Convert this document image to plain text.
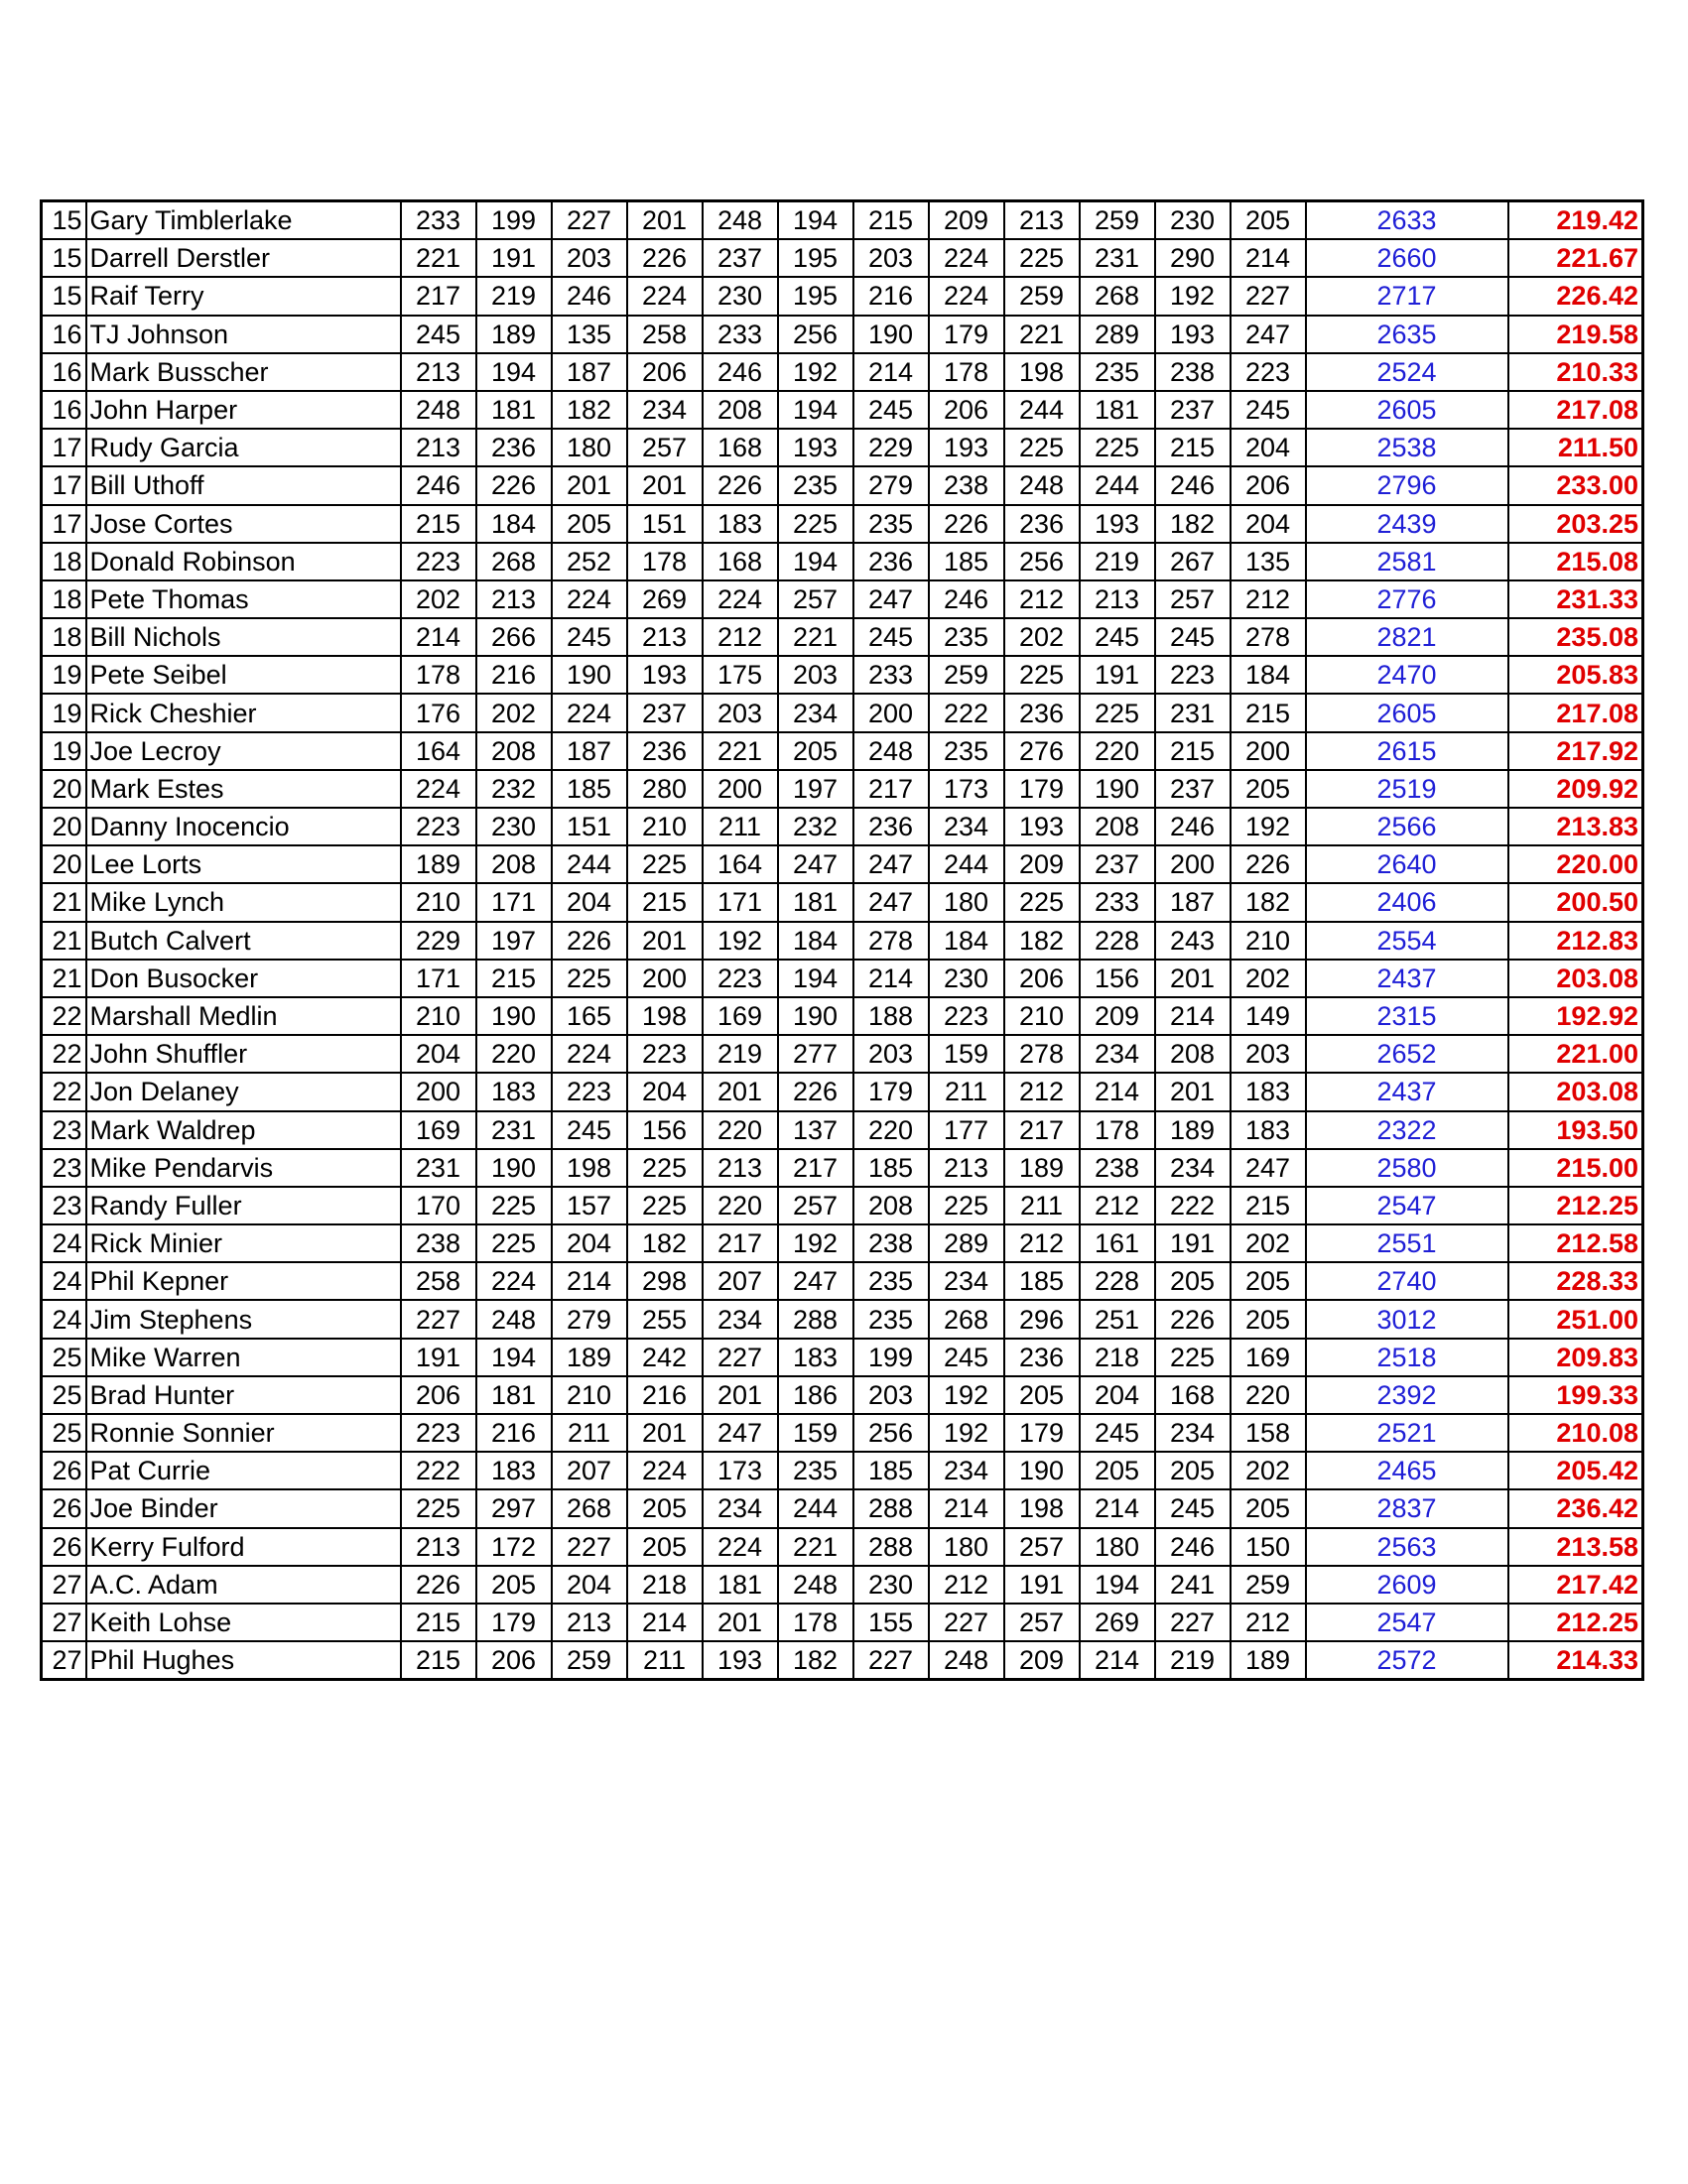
15	Gary Timblerlake	233	199	227	201	248	194	215	209	213	259	230	205	2633	219.42
15	Darrell Derstler	221	191	203	226	237	195	203	224	225	231	290	214	2660	221.67
15	Raif Terry	217	219	246	224	230	195	216	224	259	268	192	227	2717	226.42
16	TJ Johnson	245	189	135	258	233	256	190	179	221	289	193	247	2635	219.58
16	Mark Busscher	213	194	187	206	246	192	214	178	198	235	238	223	2524	210.33
16	John Harper	248	181	182	234	208	194	245	206	244	181	237	245	2605	217.08
17	Rudy Garcia	213	236	180	257	168	193	229	193	225	225	215	204	2538	211.50
17	Bill Uthoff	246	226	201	201	226	235	279	238	248	244	246	206	2796	233.00
17	Jose Cortes	215	184	205	151	183	225	235	226	236	193	182	204	2439	203.25
18	Donald Robinson	223	268	252	178	168	194	236	185	256	219	267	135	2581	215.08
18	Pete Thomas	202	213	224	269	224	257	247	246	212	213	257	212	2776	231.33
18	Bill Nichols	214	266	245	213	212	221	245	235	202	245	245	278	2821	235.08
19	Pete Seibel	178	216	190	193	175	203	233	259	225	191	223	184	2470	205.83
19	Rick Cheshier	176	202	224	237	203	234	200	222	236	225	231	215	2605	217.08
19	Joe Lecroy	164	208	187	236	221	205	248	235	276	220	215	200	2615	217.92
20	Mark Estes	224	232	185	280	200	197	217	173	179	190	237	205	2519	209.92
20	Danny Inocencio	223	230	151	210	211	232	236	234	193	208	246	192	2566	213.83
20	Lee Lorts	189	208	244	225	164	247	247	244	209	237	200	226	2640	220.00
21	Mike Lynch	210	171	204	215	171	181	247	180	225	233	187	182	2406	200.50
21	Butch Calvert	229	197	226	201	192	184	278	184	182	228	243	210	2554	212.83
21	Don Busocker	171	215	225	200	223	194	214	230	206	156	201	202	2437	203.08
22	Marshall Medlin	210	190	165	198	169	190	188	223	210	209	214	149	2315	192.92
22	John Shuffler	204	220	224	223	219	277	203	159	278	234	208	203	2652	221.00
22	Jon Delaney	200	183	223	204	201	226	179	211	212	214	201	183	2437	203.08
23	Mark Waldrep	169	231	245	156	220	137	220	177	217	178	189	183	2322	193.50
23	Mike Pendarvis	231	190	198	225	213	217	185	213	189	238	234	247	2580	215.00
23	Randy Fuller	170	225	157	225	220	257	208	225	211	212	222	215	2547	212.25
24	Rick Minier	238	225	204	182	217	192	238	289	212	161	191	202	2551	212.58
24	Phil Kepner	258	224	214	298	207	247	235	234	185	228	205	205	2740	228.33
24	Jim Stephens	227	248	279	255	234	288	235	268	296	251	226	205	3012	251.00
25	Mike Warren	191	194	189	242	227	183	199	245	236	218	225	169	2518	209.83
25	Brad Hunter	206	181	210	216	201	186	203	192	205	204	168	220	2392	199.33
25	Ronnie Sonnier	223	216	211	201	247	159	256	192	179	245	234	158	2521	210.08
26	Pat Currie	222	183	207	224	173	235	185	234	190	205	205	202	2465	205.42
26	Joe Binder	225	297	268	205	234	244	288	214	198	214	245	205	2837	236.42
26	Kerry Fulford	213	172	227	205	224	221	288	180	257	180	246	150	2563	213.58
27	A.C. Adam	226	205	204	218	181	248	230	212	191	194	241	259	2609	217.42
27	Keith Lohse	215	179	213	214	201	178	155	227	257	269	227	212	2547	212.25
27	Phil Hughes	215	206	259	211	193	182	227	248	209	214	219	189	2572	214.33
